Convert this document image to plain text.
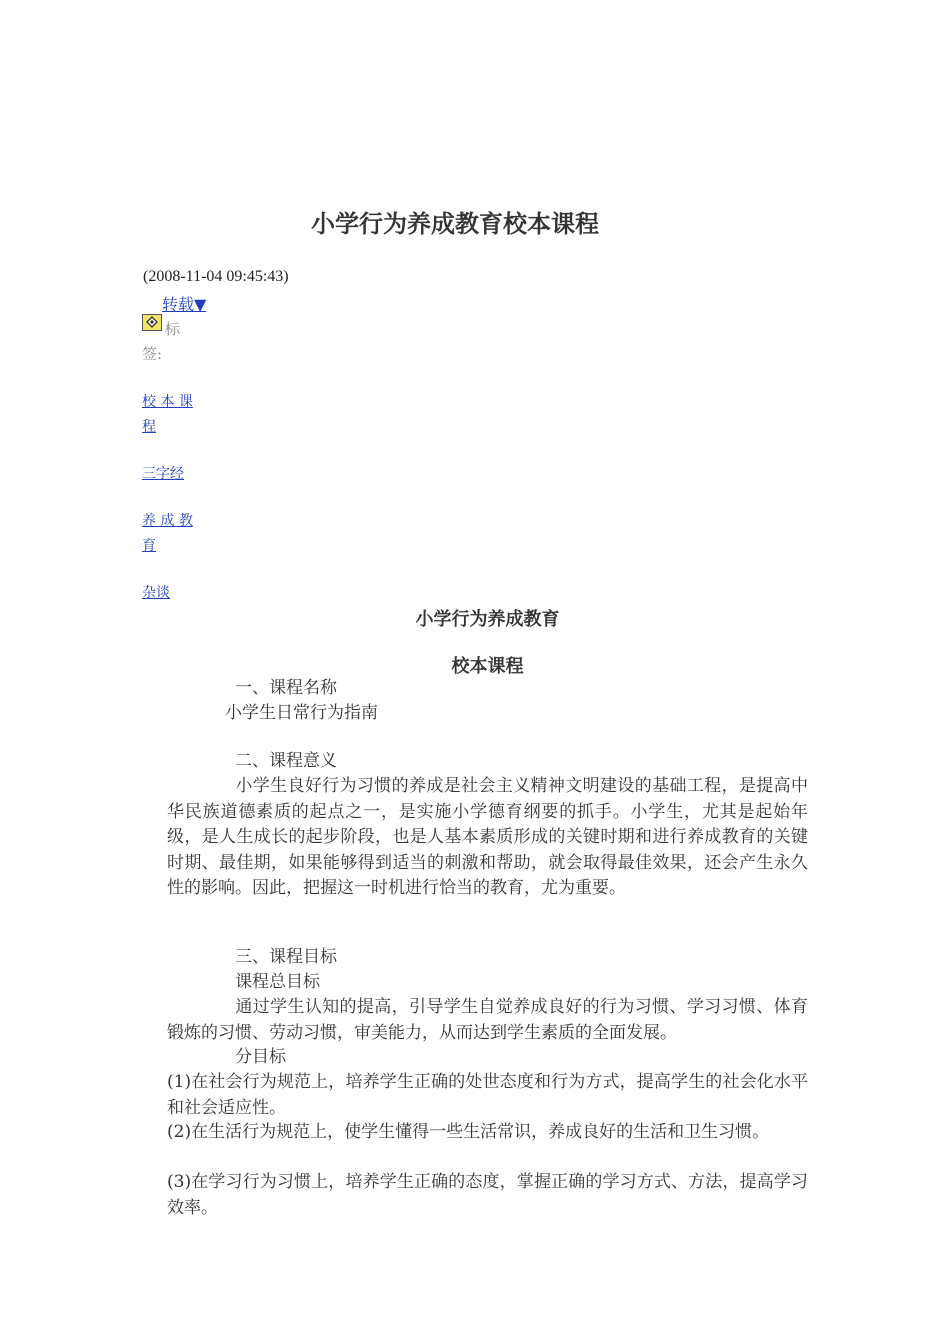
小学行为养成教育校本课程
(2008-11-04 09:45:43)
转载▼
标
签:
校 本 课
程
三字经
养 成 教
育
杂谈
小学行为养成教育
校本课程
一、课程名称
小学生日常行为指南
二、课程意义
小学生良好行为习惯的养成是社会主义精神文明建设的基础工程，是提高中华民族道德素质的起点之一，是实施小学德育纲要的抓手。小学生，尤其是起始年级，是人生成长的起步阶段，也是人基本素质形成的关键时期和进行养成教育的关键时期、最佳期，如果能够得到适当的刺激和帮助，就会取得最佳效果，还会产生永久性的影响。因此，把握这一时机进行恰当的教育，尤为重要。
三、课程目标
课程总目标
通过学生认知的提高，引导学生自觉养成良好的行为习惯、学习习惯、体育锻炼的习惯、劳动习惯，审美能力，从而达到学生素质的全面发展。
分目标
(1)在社会行为规范上，培养学生正确的处世态度和行为方式，提高学生的社会化水平和社会适应性。
(2)在生活行为规范上，使学生懂得一些生活常识，养成良好的生活和卫生习惯。
(3)在学习行为习惯上，培养学生正确的态度，掌握正确的学习方式、方法，提高学习效率。
